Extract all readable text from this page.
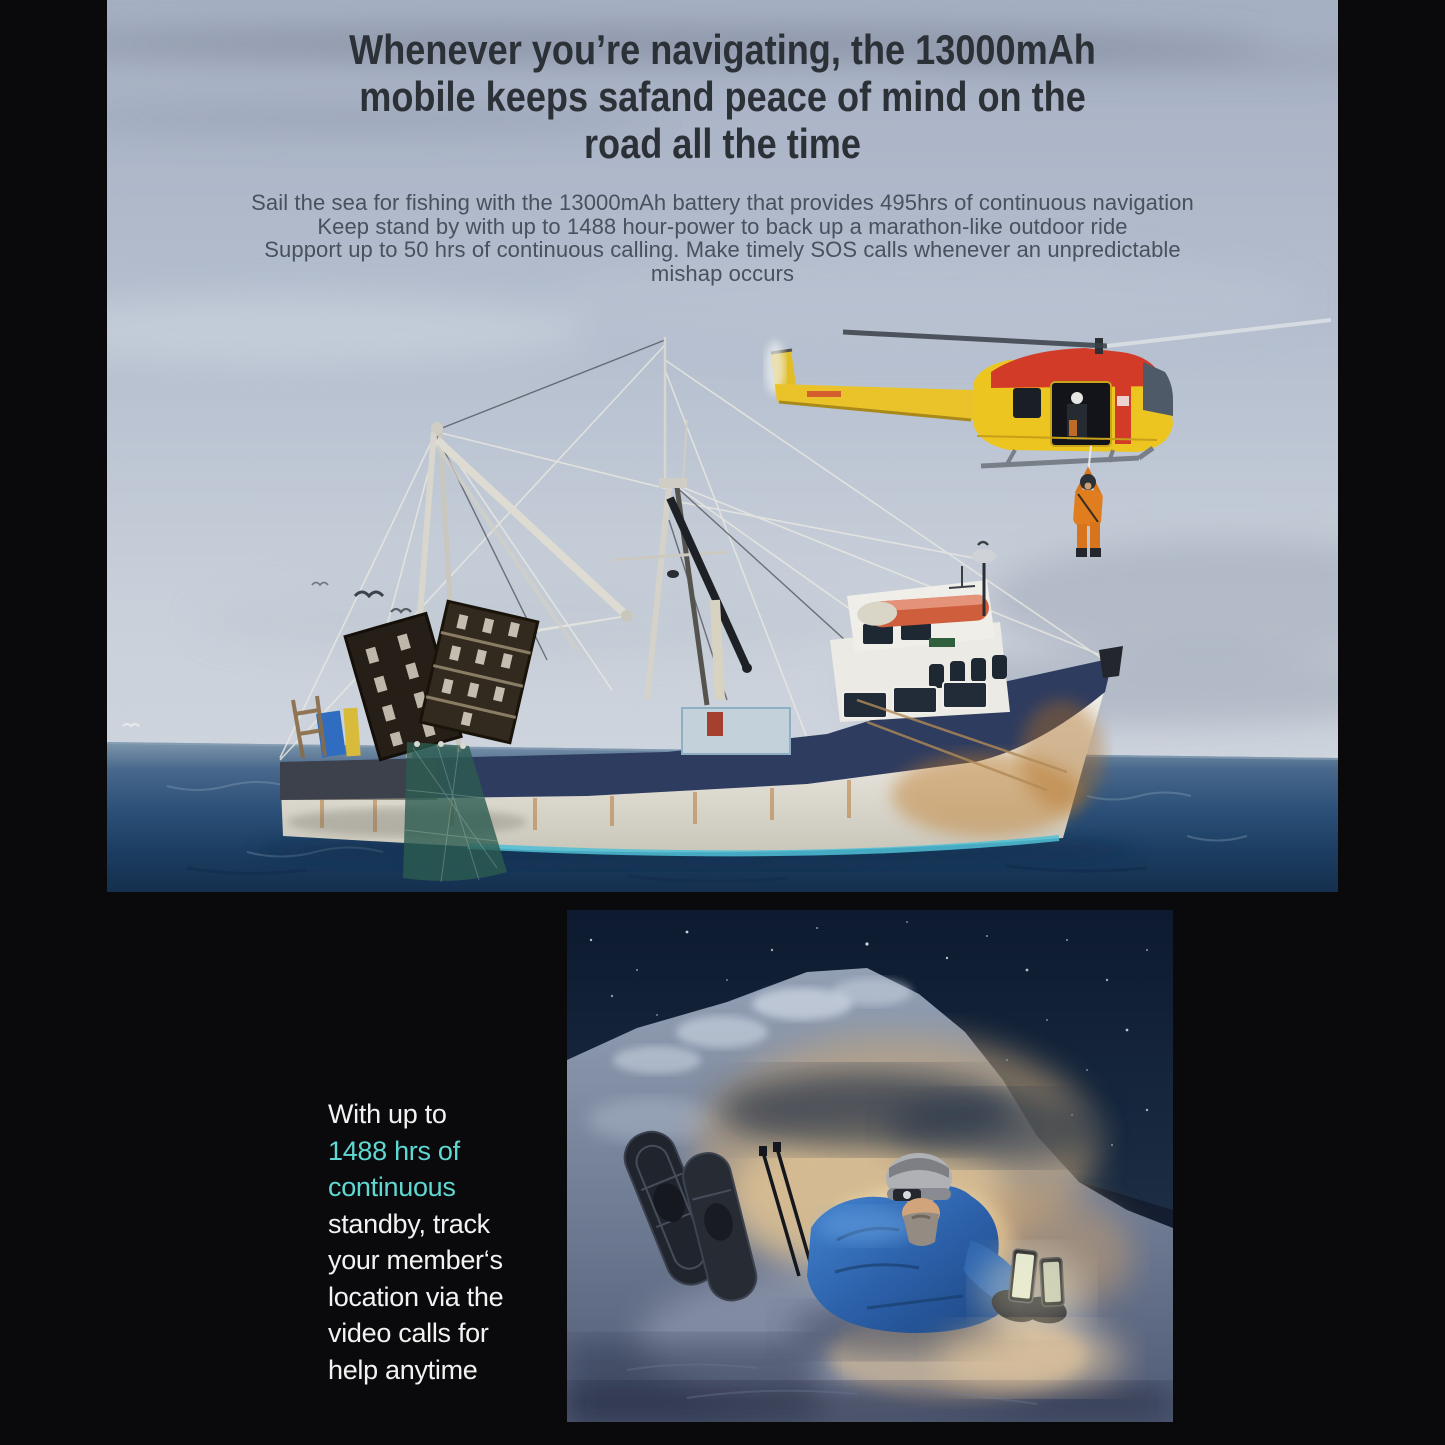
Whenever you’re navigating, the 13000mAh
mobile keeps safand peace of mind on the
road all the time
Sail the sea for fishing with the 13000mAh battery that provides 495hrs of continuous navigation
Keep stand by with up to 1488 hour-power to back up a marathon-like outdoor ride
Support up to 50 hrs of continuous calling. Make timely SOS calls whenever an unpredictable
mishap occurs
With up to
1488 hrs of
continuous
standby, track
your member‘s
location via the
video calls for
help anytime
